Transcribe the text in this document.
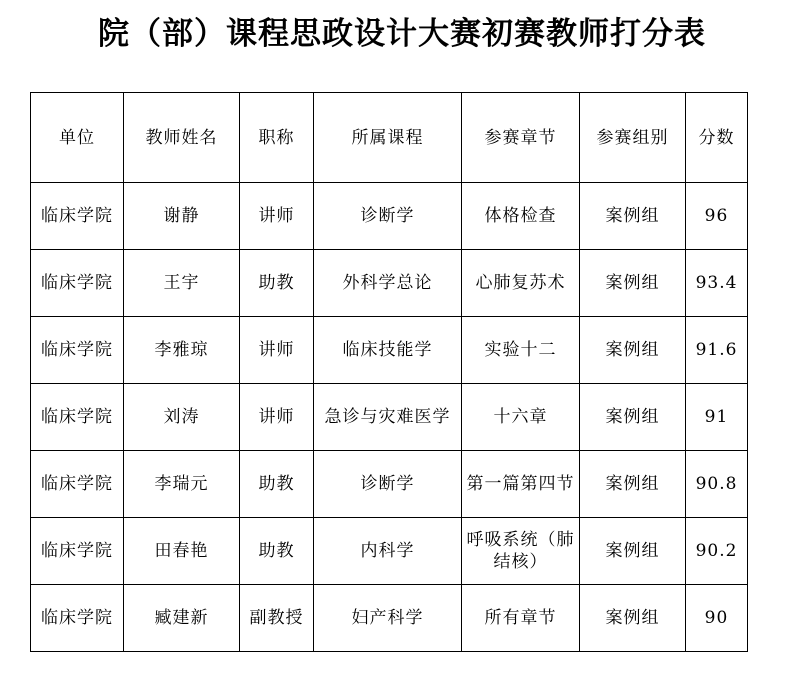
院（部）课程思政设计大赛初赛教师打分表
单位	教师姓名	职称	所属课程	参赛章节	参赛组别	分数
临床学院	谢静	讲师	诊断学	体格检查	案例组	96
临床学院	王宇	助教	外科学总论	心肺复苏术	案例组	93.4
临床学院	李雅琼	讲师	临床技能学	实验十二	案例组	91.6
临床学院	刘涛	讲师	急诊与灾难医学	十六章	案例组	91
临床学院	李瑞元	助教	诊断学	第一篇第四节	案例组	90.8
临床学院	田春艳	助教	内科学	呼吸系统（肺结核）	案例组	90.2
临床学院	臧建新	副教授	妇产科学	所有章节	案例组	90
